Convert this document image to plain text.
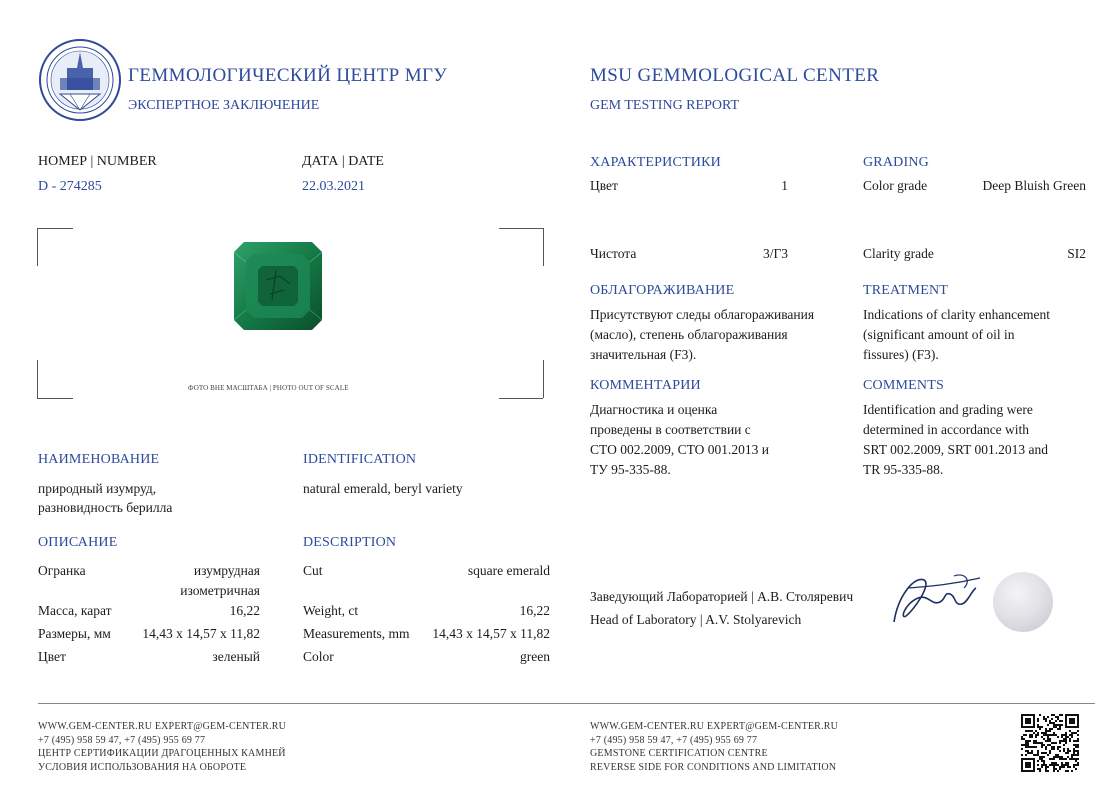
ГЕММОЛОГИЧЕСКИЙ ЦЕНТР МГУ
ЭКСПЕРТНОЕ ЗАКЛЮЧЕНИЕ
MSU GEMMOLOGICAL CENTER
GEM TESTING REPORT
НОМЕР | NUMBER
D - 274285
ДАТА | DATE
22.03.2021
ФОТО ВНЕ МАСШТАБА | PHOTO OUT OF SCALE
НАИМЕНОВАНИЕ
природный изумруд,
разновидность берилла
IDENTIFICATION
natural emerald, beryl variety
ОПИСАНИЕ	DESCRIPTION
Огранка	изумрудная
изометричная
Масса, карат	16,22
Размеры, мм	14,43 x 14,57 x 11,82
Цвет	зеленый
Cut	square emerald
Weight, ct	16,22
Measurements, mm	14,43 x 14,57 x 11,82
Color	green
ХАРАКТЕРИСТИКИ	GRADING
Цвет	1	Color grade	Deep Bluish Green
Чистота	3/Г3	Clarity grade	SI2
ОБЛАГОРАЖИВАНИЕ
Присутствуют следы облагораживания
(масло), степень облагораживания
значительная (F3).
TREATMENT
Indications of clarity enhancement
(significant amount of oil in
fissures) (F3).
КОММЕНТАРИИ
Диагностика и оценка
проведены в соответствии с
СТО 002.2009, СТО 001.2013 и
ТУ 95-335-88.
COMMENTS
Identification and grading were
determined in accordance with
SRT 002.2009, SRT 001.2013 and
TR 95-335-88.
Заведующий Лабораторией | А.В. Столяревич
Head of Laboratory | A.V. Stolyarevich
WWW.GEM-CENTER.RU EXPERT@GEM-CENTER.RU
+7 (495) 958 59 47, +7 (495) 955 69 77
ЦЕНТР СЕРТИФИКАЦИИ ДРАГОЦЕННЫХ КАМНЕЙ
УСЛОВИЯ ИСПОЛЬЗОВАНИЯ НА ОБОРОТЕ
WWW.GEM-CENTER.RU EXPERT@GEM-CENTER.RU
+7 (495) 958 59 47, +7 (495) 955 69 77
GEMSTONE CERTIFICATION CENTRE
REVERSE SIDE FOR CONDITIONS AND LIMITATION
